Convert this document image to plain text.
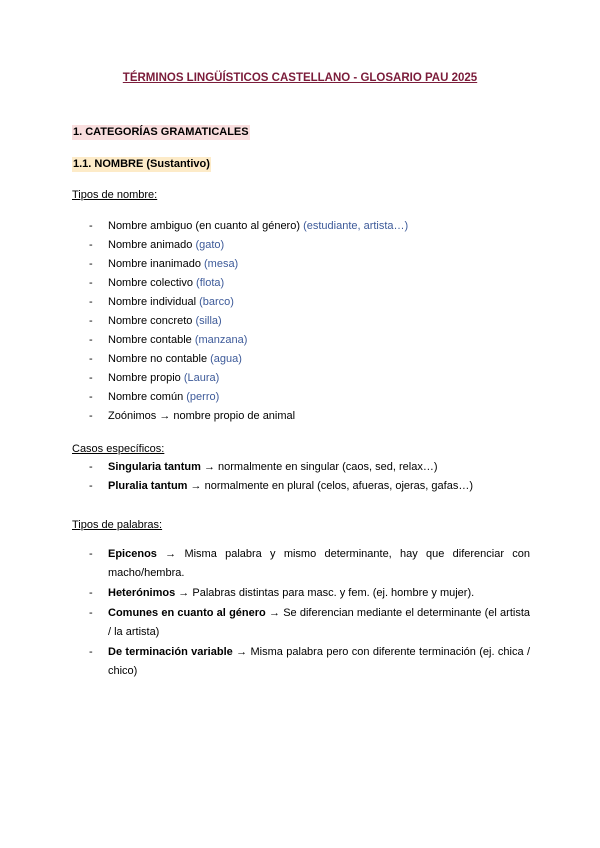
TÉRMINOS LINGÜÍSTICOS CASTELLANO - GLOSARIO PAU 2025
1. CATEGORÍAS GRAMATICALES
1.1. NOMBRE (Sustantivo)
Tipos de nombre:
- Nombre ambiguo (en cuanto al género) (estudiante, artista…)
- Nombre animado (gato)
- Nombre inanimado (mesa)
- Nombre colectivo (flota)
- Nombre individual (barco)
- Nombre concreto (silla)
- Nombre contable (manzana)
- Nombre no contable (agua)
- Nombre propio (Laura)
- Nombre común (perro)
- Zoónimos → nombre propio de animal
Casos específicos:
- Singularia tantum → normalmente en singular (caos, sed, relax…)
- Pluralia tantum → normalmente en plural (celos, afueras, ojeras, gafas…)
Tipos de palabras:
- Epicenos → Misma palabra y mismo determinante, hay que diferenciar con macho/hembra.
- Heterónimos → Palabras distintas para masc. y fem. (ej. hombre y mujer).
- Comunes en cuanto al género → Se diferencian mediante el determinante (el artista / la artista)
- De terminación variable → Misma palabra pero con diferente terminación (ej. chica / chico)
